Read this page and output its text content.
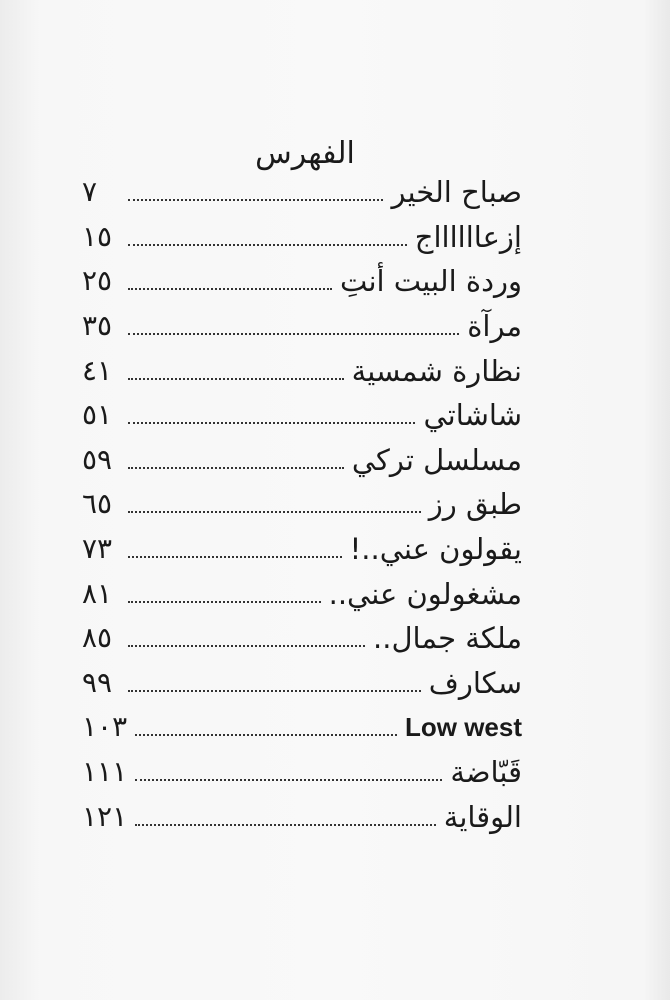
الفهرس
صباح الخير
٧
إزعااااااج
١٥
وردة البيت أنتِ
٢٥
مرآة
٣٥
نظارة شمسية
٤١
شاشاتي
٥١
مسلسل تركي
٥٩
طبق رز
٦٥
يقولون عني..!
٧٣
مشغولون عني..
٨١
ملكة جمال..
٨٥
سكارف
٩٩
Low west
١٠٣
قَبّاضة
١١١
الوقاية
١٢١
